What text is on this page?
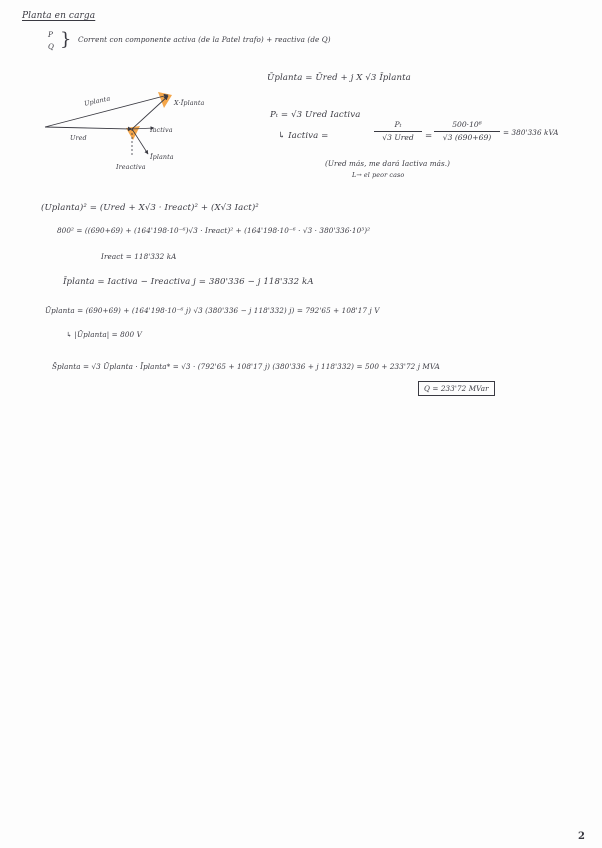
Planta en carga
P
Q } Corrent con componente activa (de la Patel trafo) + reactiva (de Q)
Uplanta	X·Īplanta
Ured
Iactiva
Īplanta
Ireactiva
Ūplanta = Ūred + j X √3 Īplanta
Pₜ = √3 Ured Iactiva
↳ Iactiva =
Pₜ
√3 Ured	=
500·10⁶
√3 (690+69)
= 380'336 kVA
(Ured más, me dará Iactiva más.)
L→ el peor caso
(Uplanta)² = (Ured + X√3 · Ireact)² + (X√3 Iact)²
800² = ((690+69) + (164'198·10⁻⁶)√3 · Ireact)² + (164'198·10⁻⁶ · √3 · 380'336·10³)²
Ireact = 118'332 kA
Īplanta = Iactiva − Ireactiva j = 380'336 − j 118'332 kA
Ūplanta = (690+69) + (164'198·10⁻⁶ j) √3 (380'336 − j 118'332) j) = 792'65 + 108'17 j V
↳ |Ūplanta| = 800 V
S̄planta = √3 Ūplanta · Īplanta* = √3 · (792'65 + 108'17 j) (380'336 + j 118'332) = 500 + 233'72 j MVA
Q = 233'72 MVar
2
